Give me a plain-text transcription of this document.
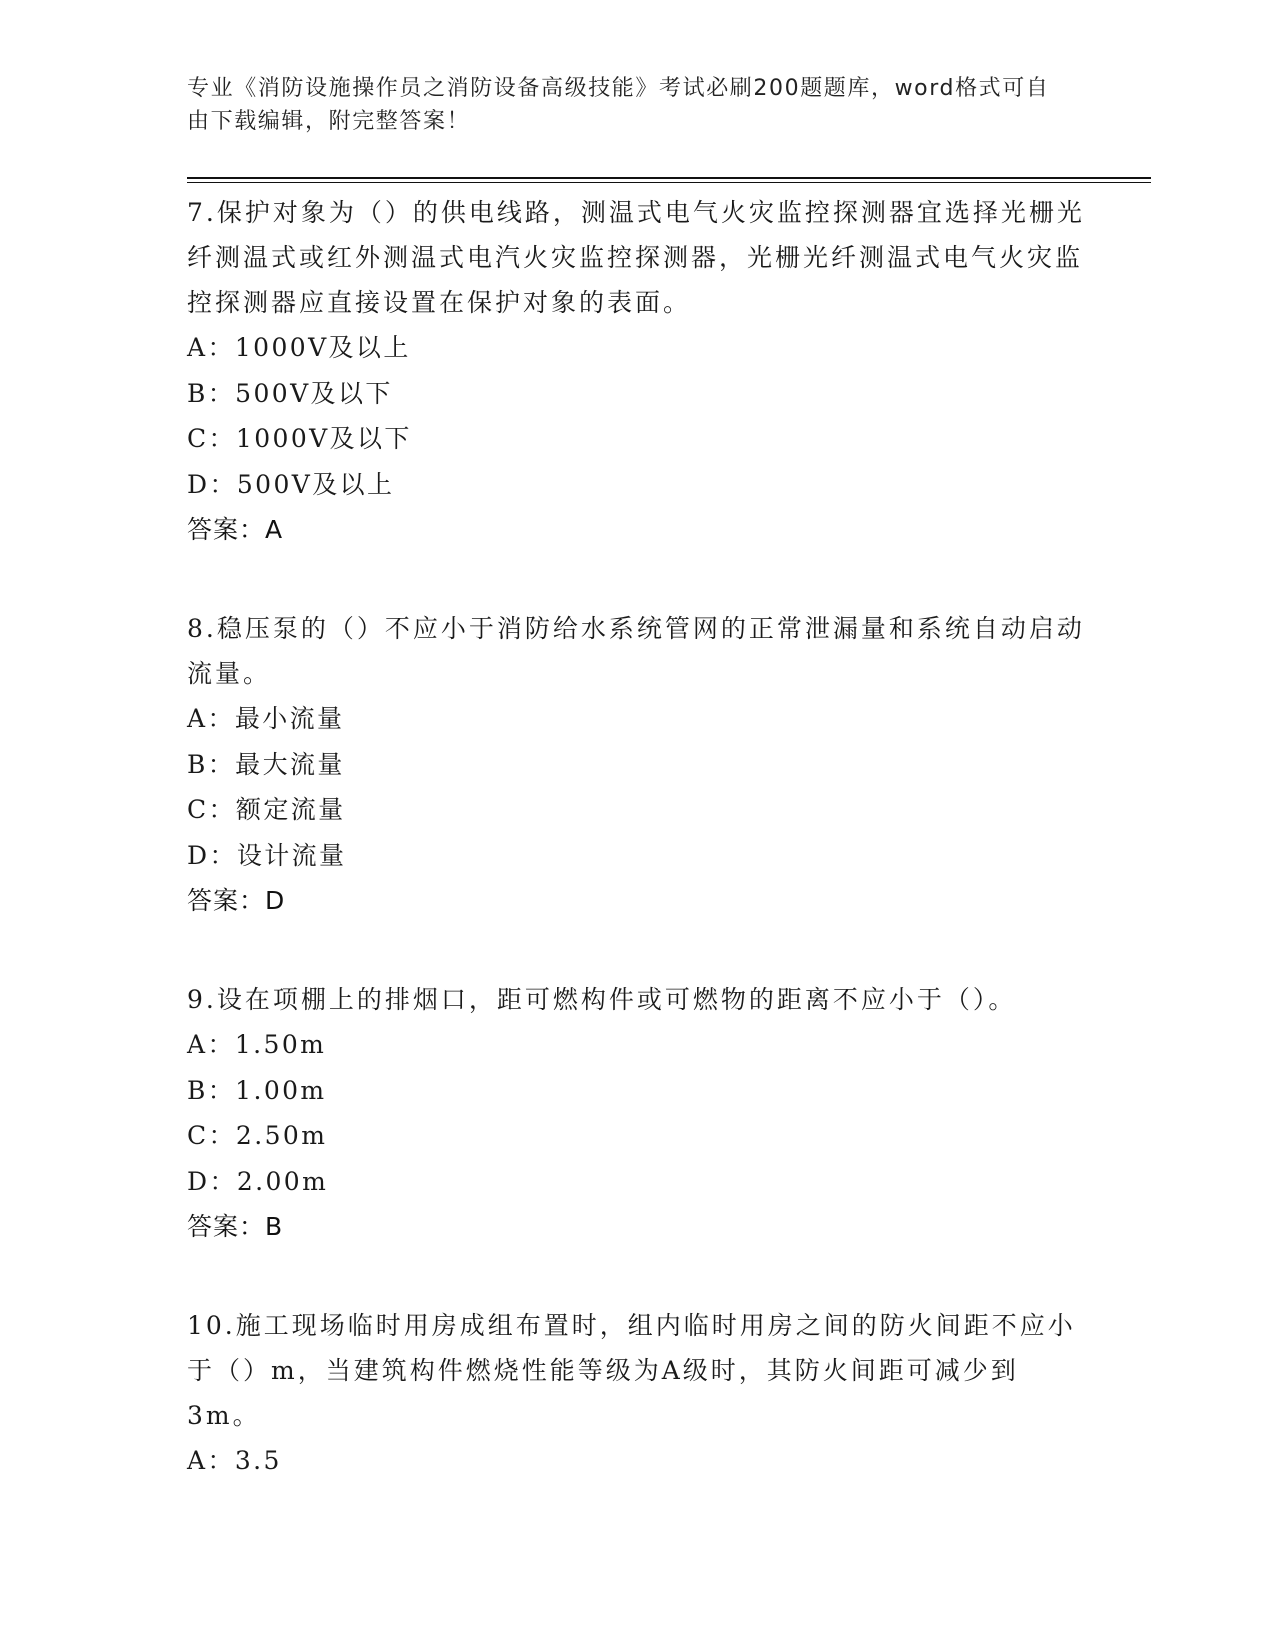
专业《消防设施操作员之消防设备高级技能》考试必刷200题题库，word格式可自由下载编辑，附完整答案！

7.保护对象为（）的供电线路，测温式电气火灾监控探测器宜选择光栅光纤测温式或红外测温式电汽火灾监控探测器，光栅光纤测温式电气火灾监控探测器应直接设置在保护对象的表面。

A：1000V及以上
B：500V及以下
C：1000V及以下
D：500V及以上
答案：A

8.稳压泵的（）不应小于消防给水系统管网的正常泄漏量和系统自动启动流量。

A：最小流量
B：最大流量
C：额定流量
D：设计流量
答案：D

9.设在项棚上的排烟口，距可燃构件或可燃物的距离不应小于（）。

A：1.50m
B：1.00m
C：2.50m
D：2.00m
答案：B

10.施工现场临时用房成组布置时，组内临时用房之间的防火间距不应小于（）m，当建筑构件燃烧性能等级为A级时，其防火间距可减少到3m。

A：3.5
